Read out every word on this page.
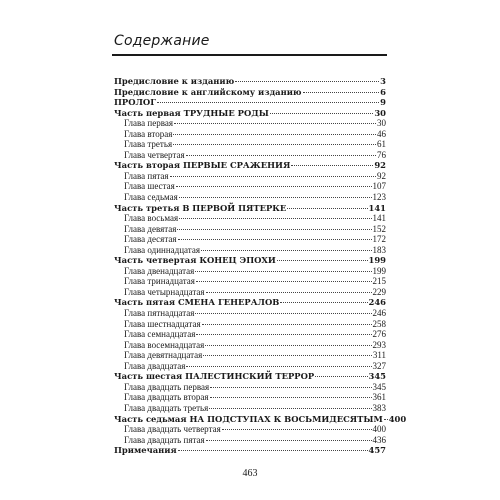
Содержание
Предисловие к изданию	3
Предисловие к английскому изданию	6
ПРОЛОГ	9
Часть первая ТРУДНЫЕ РОДЫ	30
Глава первая	30
Глава вторая	46
Глава третья	61
Глава четвертая	76
Часть вторая ПЕРВЫЕ СРАЖЕНИЯ	92
Глава пятая	92
Глава шестая	107
Глава седьмая	123
Часть третья В ПЕРВОЙ ПЯТЕРКЕ	141
Глава восьмая	141
Глава девятая	152
Глава десятая	172
Глава одиннадцатая	183
Часть четвертая КОНЕЦ ЭПОХИ	199
Глава двенадцатая	199
Глава тринадцатая	215
Глава четырнадцатая	229
Часть пятая СМЕНА ГЕНЕРАЛОВ	246
Глава пятнадцатая	246
Глава шестнадцатая	258
Глава семнадцатая	276
Глава восемнадцатая	293
Глава девятнадцатая	311
Глава двадцатая	327
Часть шестая ПАЛЕСТИНСКИЙ ТЕРРОР	345
Глава двадцать первая	345
Глава двадцать вторая	361
Глава двадцать третья	383
Часть седьмая НА ПОДСТУПАХ К ВОСЬМИДЕСЯТЫМ 400
Глава двадцать четвертая	400
Глава двадцать пятая	436
Примечания	457
463
